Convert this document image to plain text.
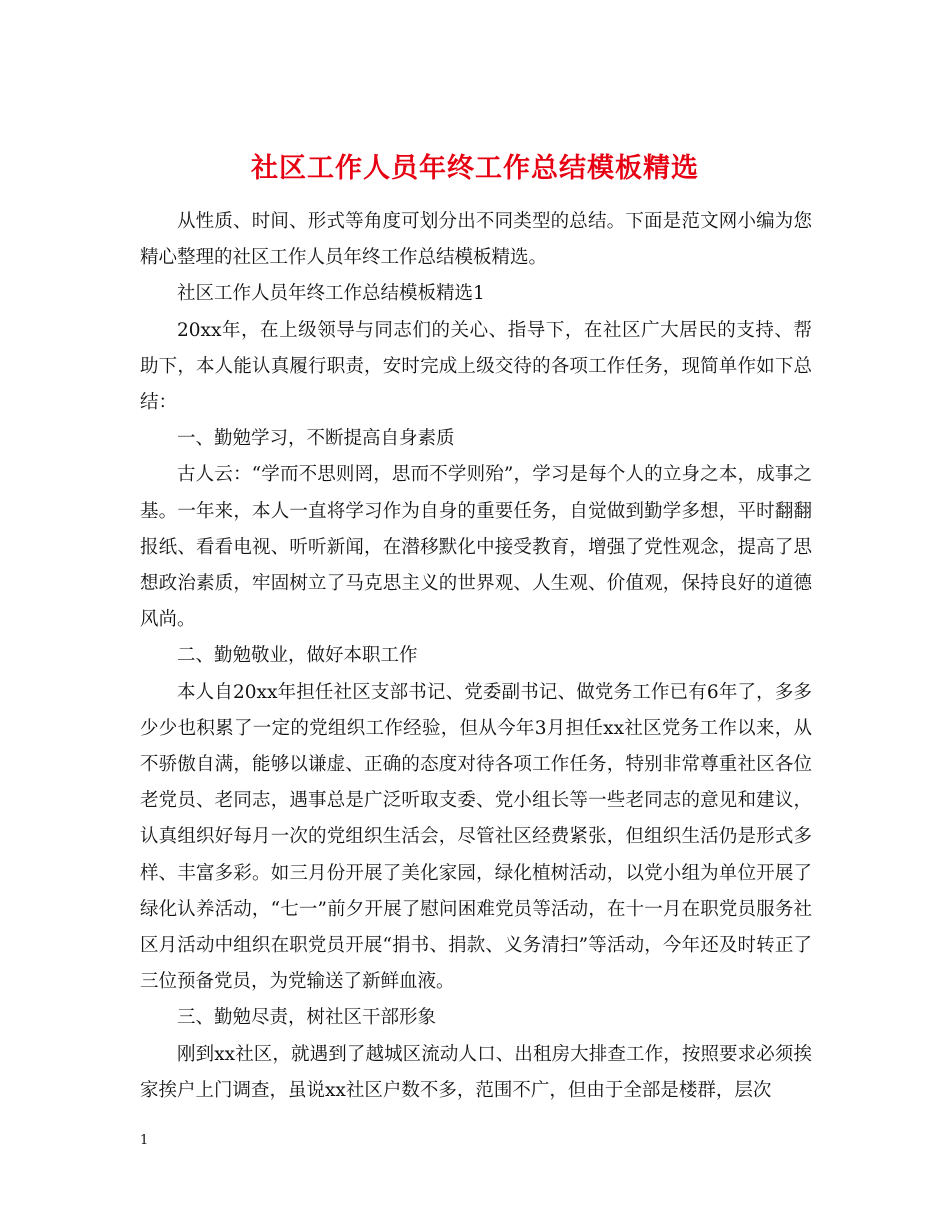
社区工作人员年终工作总结模板精选

从性质、时间、形式等角度可划分出不同类型的总结。下面是范文网小编为您精心整理的社区工作人员年终工作总结模板精选。

社区工作人员年终工作总结模板精选1

20xx年，在上级领导与同志们的关心、指导下，在社区广大居民的支持、帮助下，本人能认真履行职责，安时完成上级交待的各项工作任务，现简单作如下总结：

一、勤勉学习，不断提高自身素质

古人云：“学而不思则罔，思而不学则殆”，学习是每个人的立身之本，成事之基。一年来，本人一直将学习作为自身的重要任务，自觉做到勤学多想，平时翻翻报纸、看看电视、听听新闻，在潜移默化中接受教育，增强了党性观念，提高了思想政治素质，牢固树立了马克思主义的世界观、人生观、价值观，保持良好的道德风尚。

二、勤勉敬业，做好本职工作

本人自20xx年担任社区支部书记、党委副书记、做党务工作已有6年了，多多少少也积累了一定的党组织工作经验，但从今年3月担任xx社区党务工作以来，从不骄傲自满，能够以谦虚、正确的态度对待各项工作任务，特别非常尊重社区各位老党员、老同志，遇事总是广泛听取支委、党小组长等一些老同志的意见和建议，认真组织好每月一次的党组织生活会，尽管社区经费紧张，但组织生活仍是形式多样、丰富多彩。如三月份开展了美化家园，绿化植树活动，以党小组为单位开展了绿化认养活动，“七一”前夕开展了慰问困难党员等活动，在十一月在职党员服务社区月活动中组织在职党员开展“捐书、捐款、义务清扫”等活动，今年还及时转正了三位预备党员，为党输送了新鲜血液。

三、勤勉尽责，树社区干部形象

刚到xx社区，就遇到了越城区流动人口、出租房大排查工作，按照要求必须挨家挨户上门调查，虽说xx社区户数不多，范围不广，但由于全部是楼群，层次

1
